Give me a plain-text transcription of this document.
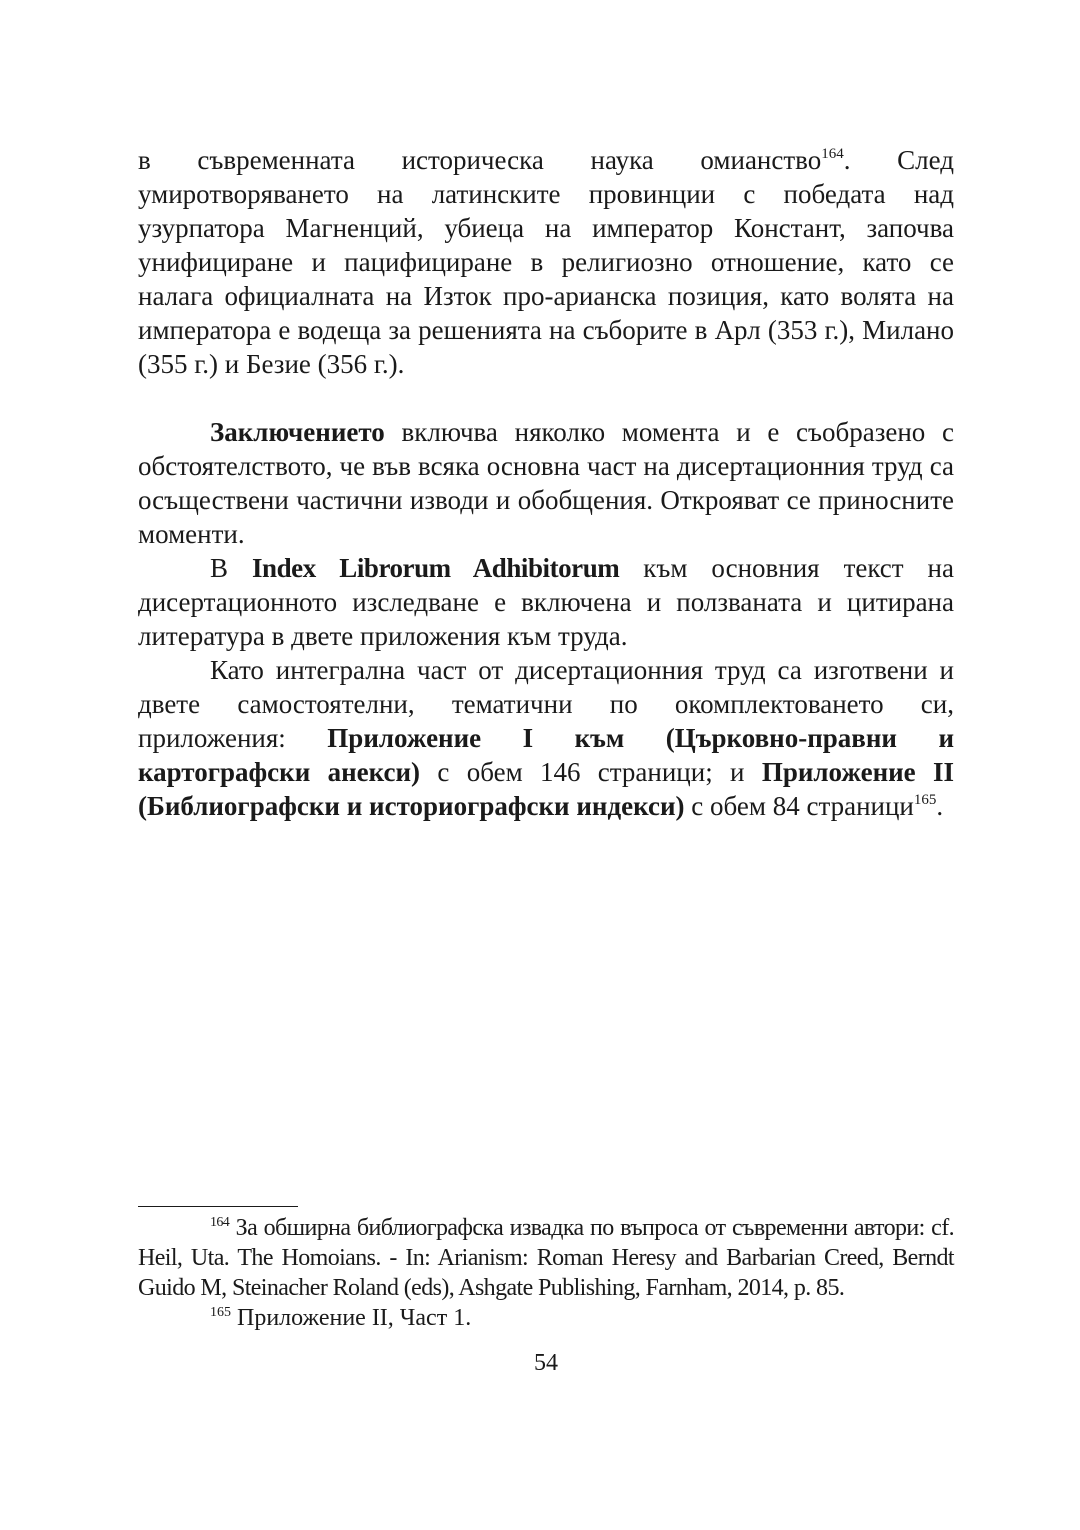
в съвременната историческа наука омианство$^{164}$. След умиротворяването на латинските провинции с победата над узурпатора Магненций, убиеца на император Констант, започва унифициране и пацифициране в религиозно отношение, като се налага официалната на Изток про-арианска позиция, като волята на императора е водеща за решенията на съборите в Арл (353 г.), Милано (355 г.) и Безие (356 г.).

Заключението включва няколко момента и е съобразено с обстоятелството, че във всяка основна част на дисертационния труд са осъществени частични изводи и обобщения. Открояват се приносните моменти.

В Index Librorum Adhibitorum към основния текст на дисертационното изследване е включена и ползваната и цитирана литература в двете приложения към труда.

Като интегрална част от дисертационния труд са изготвени и двете самостоятелни, тематични по окомплектоването си, приложения: Приложение I към (Църковно-правни и картографски анекси) с обем 146 страници; и Приложение II (Библиографски и историографски индекси) с обем 84 страници$^{165}$.

$^{164}$ За обширна библиографска извадка по въпроса от съвременни автори: cf. Heil, Uta. The Homoians. - In: Arianism: Roman Heresy and Barbarian Creed, Berndt Guido M, Steinacher Roland (eds), Ashgate Publishing, Farnham, 2014, p. 85.

$^{165}$ Приложение II, Част 1.

54
